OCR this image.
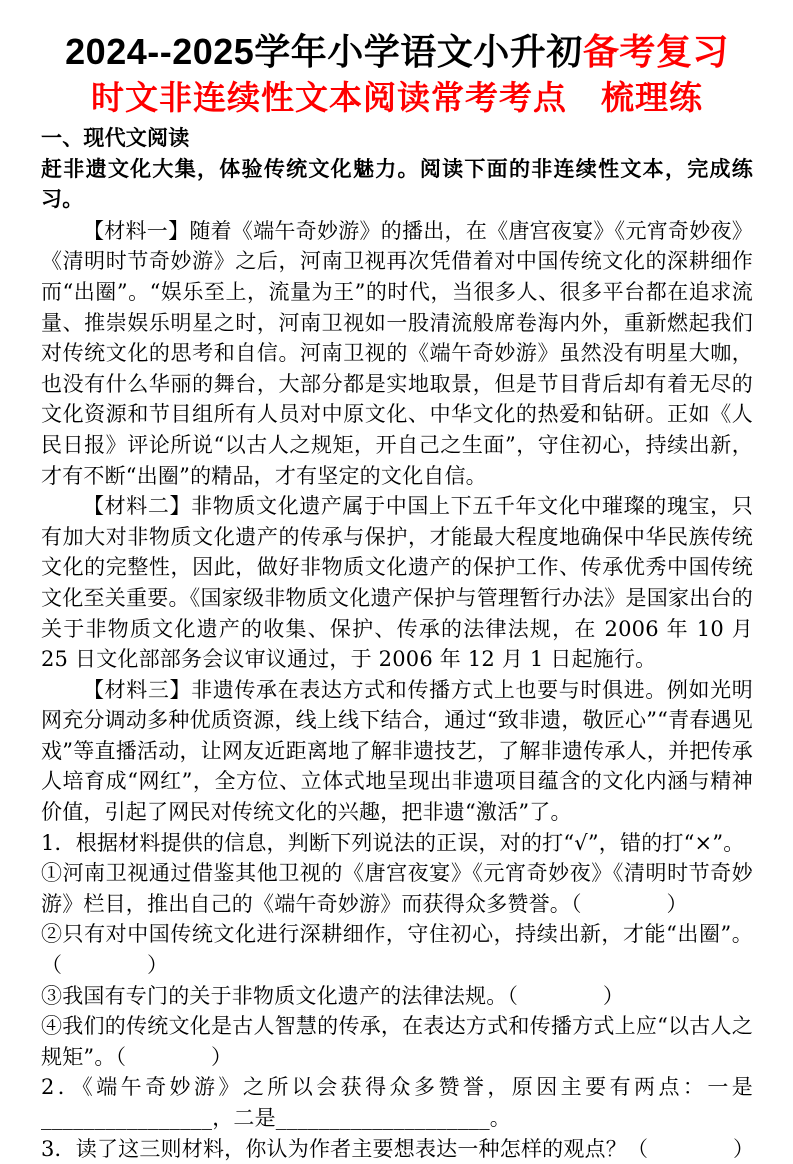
2024--2025学年小学语文小升初备考复习
时文非连续性文本阅读常考考点　梳理练
一、现代文阅读
赶非遗文化大集，体验传统文化魅力。阅读下面的非连续性文本，完成练习。

【材料一】随着《端午奇妙游》的播出，在《唐宫夜宴》《元宵奇妙夜》《清明时节奇妙游》之后，河南卫视再次凭借着对中国传统文化的深耕细作而“出圈”。“娱乐至上，流量为王”的时代，当很多人、很多平台都在追求流量、推崇娱乐明星之时，河南卫视如一股清流般席卷海内外，重新燃起我们对传统文化的思考和自信。河南卫视的《端午奇妙游》虽然没有明星大咖，也没有什么华丽的舞台，大部分都是实地取景，但是节目背后却有着无尽的文化资源和节目组所有人员对中原文化、中华文化的热爱和钻研。正如《人民日报》评论所说“以古人之规矩，开自己之生面”，守住初心，持续出新，才有不断“出圈”的精品，才有坚定的文化自信。

【材料二】非物质文化遗产属于中国上下五千年文化中璀璨的瑰宝，只有加大对非物质文化遗产的传承与保护，才能最大程度地确保中华民族传统文化的完整性，因此，做好非物质文化遗产的保护工作、传承优秀中国传统文化至关重要。《国家级非物质文化遗产保护与管理暂行办法》是国家出台的关于非物质文化遗产的收集、保护、传承的法律法规，在 2006 年 10 月 25 日文化部部务会议审议通过，于 2006 年 12 月 1 日起施行。

【材料三】非遗传承在表达方式和传播方式上也要与时俱进。例如光明网充分调动多种优质资源，线上线下结合，通过“致非遗，敬匠心”“青春遇见戏”等直播活动，让网友近距离地了解非遗技艺，了解非遗传承人，并把传承人培育成“网红”，全方位、立体式地呈现出非遗项目蕴含的文化内涵与精神价值，引起了网民对传统文化的兴趣，把非遗“激活”了。

1．根据材料提供的信息，判断下列说法的正误，对的打“√”，错的打“×”。

①河南卫视通过借鉴其他卫视的《唐宫夜宴》《元宵奇妙夜》《清明时节奇妙游》栏目，推出自己的《端午奇妙游》而获得众多赞誉。（　　　　）

②只有对中国传统文化进行深耕细作，守住初心，持续出新，才能“出圈”。（　　　　）

③我国有专门的关于非物质文化遗产的法律法规。（　　　　）

④我们的传统文化是古人智慧的传承，在表达方式和传播方式上应“以古人之规矩”。（　　　　）

2．《端午奇妙游》之所以会获得众多赞誉，原因主要有两点：一是________________，二是____________________。

3．读了这三则材料，你认为作者主要想表达一种怎样的观点？（　　　　）
